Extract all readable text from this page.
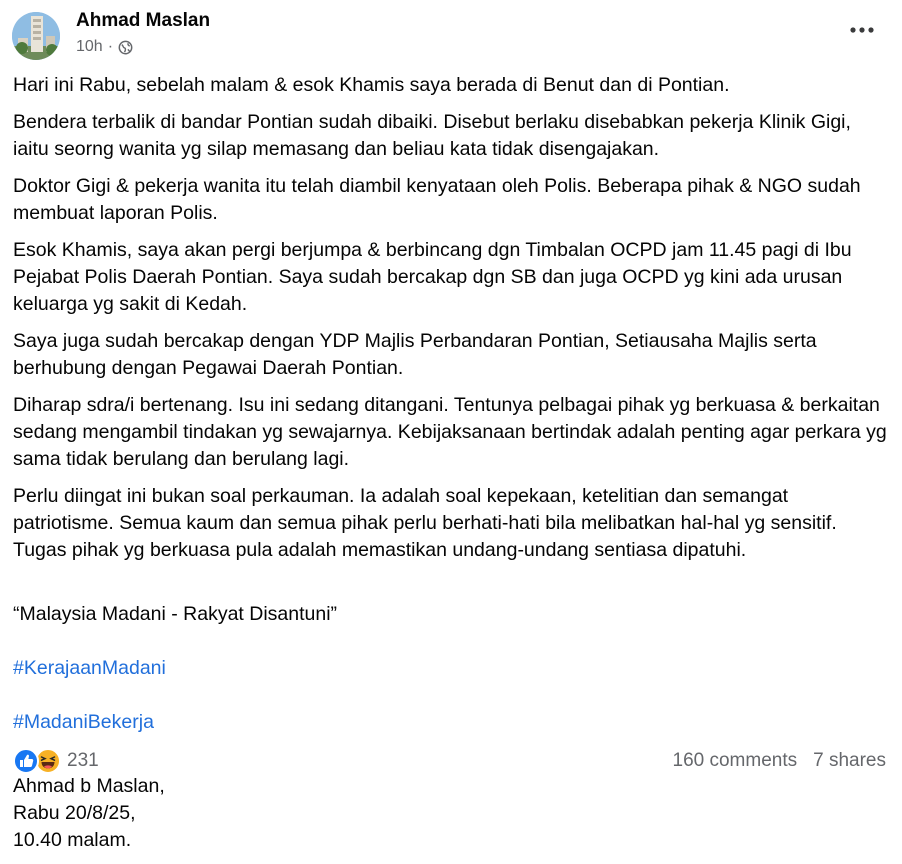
Ahmad Maslan
10h ·

Hari ini Rabu, sebelah malam & esok Khamis saya berada di Benut dan di Pontian.

Bendera terbalik di bandar Pontian sudah dibaiki. Disebut berlaku disebabkan pekerja Klinik Gigi, iaitu seorng wanita yg silap memasang dan beliau kata tidak disengajakan.

Doktor Gigi & pekerja wanita itu telah diambil kenyataan oleh Polis. Beberapa pihak & NGO sudah membuat laporan Polis.

Esok Khamis, saya akan pergi berjumpa & berbincang dgn Timbalan OCPD jam 11.45 pagi di Ibu Pejabat Polis Daerah Pontian. Saya sudah bercakap dgn SB dan juga OCPD yg kini ada urusan keluarga yg sakit di Kedah.

Saya juga sudah bercakap dengan YDP Majlis Perbandaran Pontian, Setiausaha Majlis serta berhubung dengan Pegawai Daerah Pontian.

Diharap sdra/i bertenang. Isu ini sedang ditangani. Tentunya pelbagai pihak yg berkuasa & berkaitan sedang mengambil tindakan yg sewajarnya. Kebijaksanaan bertindak adalah penting agar perkara yg sama tidak berulang dan berulang lagi.

Perlu diingat ini bukan soal perkauman. Ia adalah soal kepekaan, ketelitian dan semangat patriotisme. Semua kaum dan semua pihak perlu berhati-hati bila melibatkan hal-hal yg sensitif. Tugas pihak yg berkuasa pula adalah memastikan undang-undang sentiasa dipatuhi.

“Malaysia Madani - Rakyat Disantuni”

#KerajaanMadani

#MadaniBekerja

Ahmad b Maslan,
Rabu 20/8/25,
10.40 malam.

231	160 comments 7 shares
